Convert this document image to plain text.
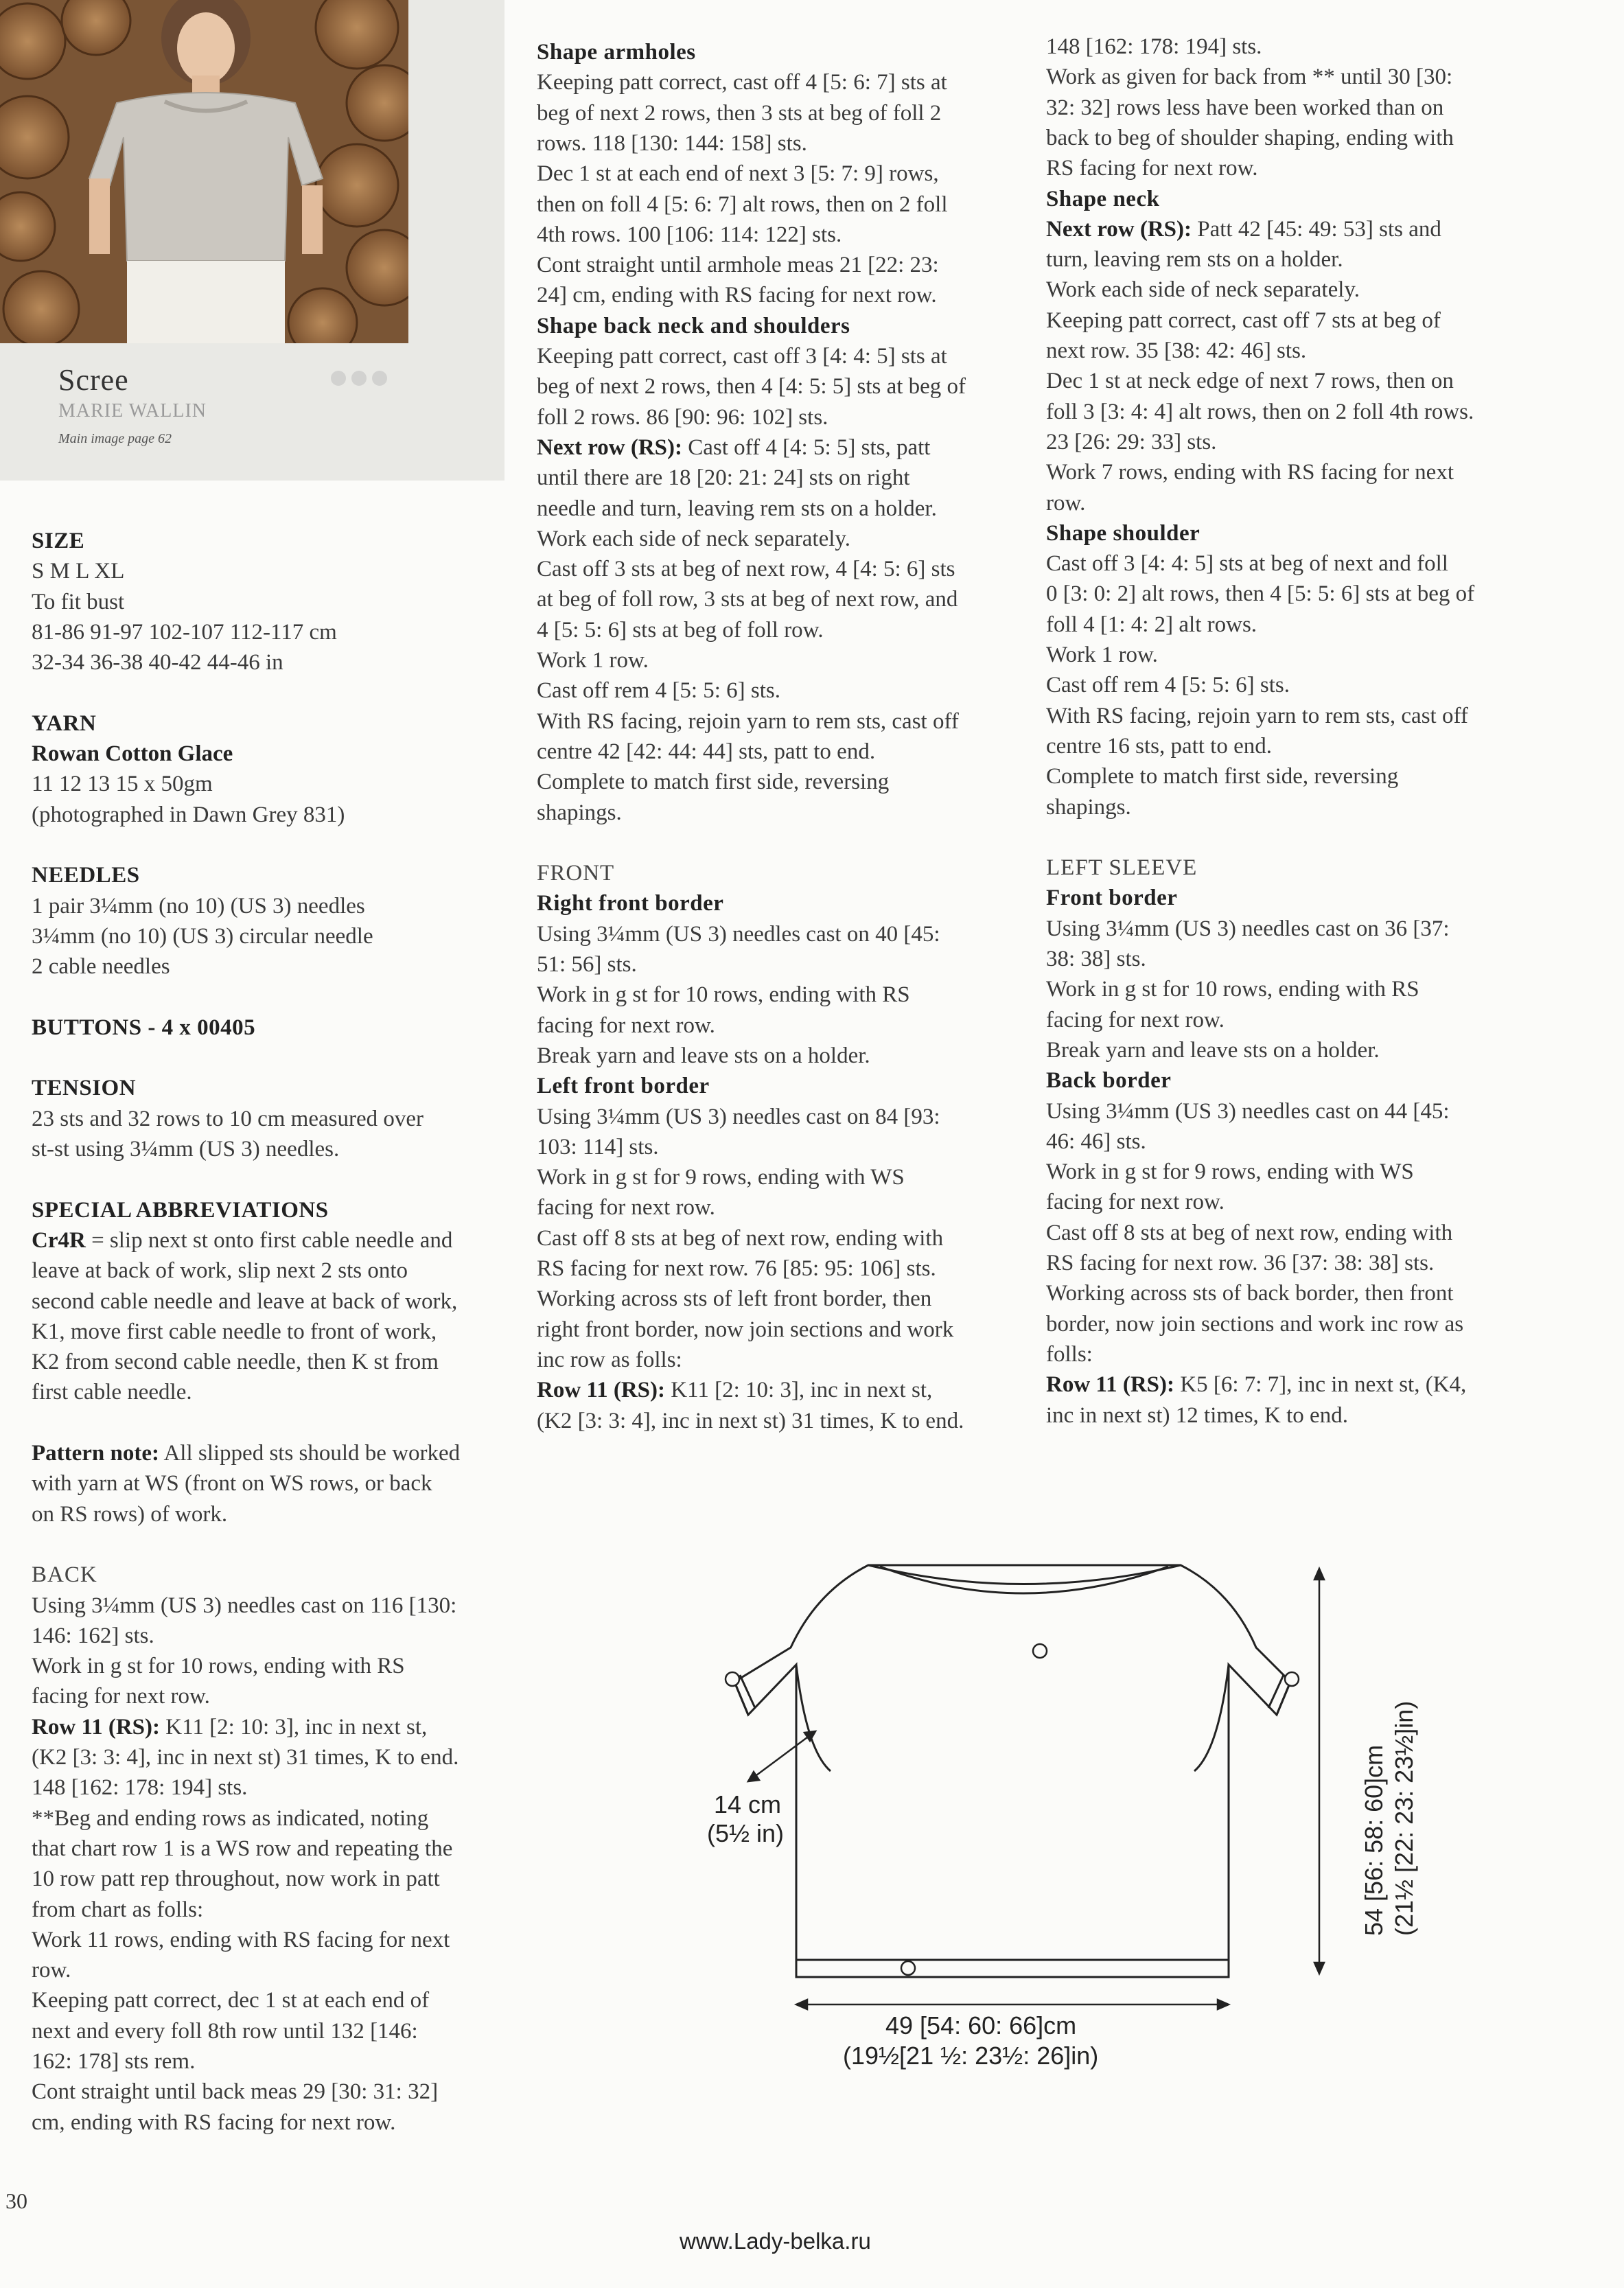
Scree
MARIE WALLIN
Main image page 62
SIZE
S M L XL
To fit bust
81-86 91-97 102-107 112-117 cm
32-34 36-38 40-42 44-46 in
YARN
Rowan Cotton Glace
11 12 13 15 x 50gm
(photographed in Dawn Grey 831)
NEEDLES
1 pair 3¼mm (no 10) (US 3) needles
3¼mm (no 10) (US 3) circular needle
2 cable needles
BUTTONS - 4 x 00405
TENSION
23 sts and 32 rows to 10 cm measured over
st-st using 3¼mm (US 3) needles.
SPECIAL ABBREVIATIONS
Cr4R = slip next st onto first cable needle and
leave at back of work, slip next 2 sts onto
second cable needle and leave at back of work,
K1, move first cable needle to front of work,
K2 from second cable needle, then K st from
first cable needle.
Pattern note: All slipped sts should be worked
with yarn at WS (front on WS rows, or back
on RS rows) of work.
BACK
Using 3¼mm (US 3) needles cast on 116 [130:
146: 162] sts.
Work in g st for 10 rows, ending with RS
facing for next row.
Row 11 (RS): K11 [2: 10: 3], inc in next st,
(K2 [3: 3: 4], inc in next st) 31 times, K to end.
148 [162: 178: 194] sts.
**Beg and ending rows as indicated, noting
that chart row 1 is a WS row and repeating the
10 row patt rep throughout, now work in patt
from chart as folls:
Work 11 rows, ending with RS facing for next
row.
Keeping patt correct, dec 1 st at each end of
next and every foll 8th row until 132 [146:
162: 178] sts rem.
Cont straight until back meas 29 [30: 31: 32]
cm, ending with RS facing for next row.
Shape armholes
Keeping patt correct, cast off 4 [5: 6: 7] sts at
beg of next 2 rows, then 3 sts at beg of foll 2
rows. 118 [130: 144: 158] sts.
Dec 1 st at each end of next 3 [5: 7: 9] rows,
then on foll 4 [5: 6: 7] alt rows, then on 2 foll
4th rows. 100 [106: 114: 122] sts.
Cont straight until armhole meas 21 [22: 23:
24] cm, ending with RS facing for next row.
Shape back neck and shoulders
Keeping patt correct, cast off 3 [4: 4: 5] sts at
beg of next 2 rows, then 4 [4: 5: 5] sts at beg of
foll 2 rows. 86 [90: 96: 102] sts.
Next row (RS): Cast off 4 [4: 5: 5] sts, patt
until there are 18 [20: 21: 24] sts on right
needle and turn, leaving rem sts on a holder.
Work each side of neck separately.
Cast off 3 sts at beg of next row, 4 [4: 5: 6] sts
at beg of foll row, 3 sts at beg of next row, and
4 [5: 5: 6] sts at beg of foll row.
Work 1 row.
Cast off rem 4 [5: 5: 6] sts.
With RS facing, rejoin yarn to rem sts, cast off
centre 42 [42: 44: 44] sts, patt to end.
Complete to match first side, reversing
shapings.
FRONT
Right front border
Using 3¼mm (US 3) needles cast on 40 [45:
51: 56] sts.
Work in g st for 10 rows, ending with RS
facing for next row.
Break yarn and leave sts on a holder.
Left front border
Using 3¼mm (US 3) needles cast on 84 [93:
103: 114] sts.
Work in g st for 9 rows, ending with WS
facing for next row.
Cast off 8 sts at beg of next row, ending with
RS facing for next row. 76 [85: 95: 106] sts.
Working across sts of left front border, then
right front border, now join sections and work
inc row as folls:
Row 11 (RS): K11 [2: 10: 3], inc in next st,
(K2 [3: 3: 4], inc in next st) 31 times, K to end.
148 [162: 178: 194] sts.
Work as given for back from ** until 30 [30:
32: 32] rows less have been worked than on
back to beg of shoulder shaping, ending with
RS facing for next row.
Shape neck
Next row (RS): Patt 42 [45: 49: 53] sts and
turn, leaving rem sts on a holder.
Work each side of neck separately.
Keeping patt correct, cast off 7 sts at beg of
next row. 35 [38: 42: 46] sts.
Dec 1 st at neck edge of next 7 rows, then on
foll 3 [3: 4: 4] alt rows, then on 2 foll 4th rows.
23 [26: 29: 33] sts.
Work 7 rows, ending with RS facing for next
row.
Shape shoulder
Cast off 3 [4: 4: 5] sts at beg of next and foll
0 [3: 0: 2] alt rows, then 4 [5: 5: 6] sts at beg of
foll 4 [1: 4: 2] alt rows.
Work 1 row.
Cast off rem 4 [5: 5: 6] sts.
With RS facing, rejoin yarn to rem sts, cast off
centre 16 sts, patt to end.
Complete to match first side, reversing
shapings.
LEFT SLEEVE
Front border
Using 3¼mm (US 3) needles cast on 36 [37:
38: 38] sts.
Work in g st for 10 rows, ending with RS
facing for next row.
Break yarn and leave sts on a holder.
Back border
Using 3¼mm (US 3) needles cast on 44 [45:
46: 46] sts.
Work in g st for 9 rows, ending with WS
facing for next row.
Cast off 8 sts at beg of next row, ending with
RS facing for next row. 36 [37: 38: 38] sts.
Working across sts of back border, then front
border, now join sections and work inc row as
folls:
Row 11 (RS): K5 [6: 7: 7], inc in next st, (K4,
inc in next st) 12 times, K to end.
14 cm
(5½ in)
49 [54: 60: 66]cm
(19½[21 ½: 23½: 26]in)
54 [56: 58: 60]cm (21½ [22: 23: 23½]in)
30
www.Lady-belka.ru
